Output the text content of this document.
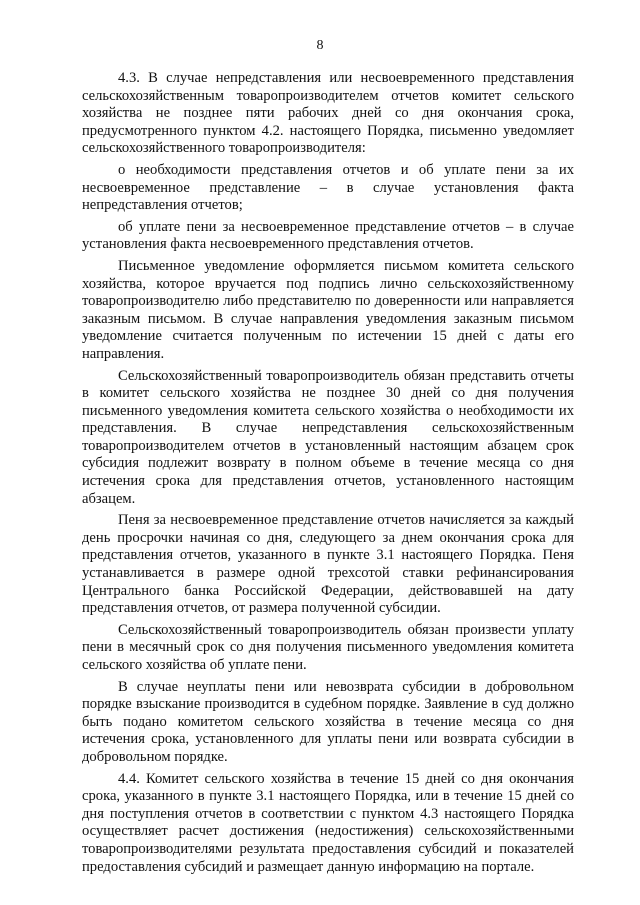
8

4.3. В случае непредставления или несвоевременного представления сельскохозяйственным товаропроизводителем отчетов комитет сельского хозяйства не позднее пяти рабочих дней со дня окончания срока, предусмотренного пунктом 4.2. настоящего Порядка, письменно уведомляет сельскохозяйственного товаропроизводителя:

о необходимости представления отчетов и об уплате пени за их несвоевременное представление – в случае установления факта непредставления отчетов;

об уплате пени за несвоевременное представление отчетов – в случае установления факта несвоевременного представления отчетов.

Письменное уведомление оформляется письмом комитета сельского хозяйства, которое вручается под подпись лично сельскохозяйственному товаропроизводителю либо представителю по доверенности или направляется заказным письмом. В случае направления уведомления заказным письмом уведомление считается полученным по истечении 15 дней с даты его направления.

Сельскохозяйственный товаропроизводитель обязан представить отчеты в комитет сельского хозяйства не позднее 30 дней со дня получения письменного уведомления комитета сельского хозяйства о необходимости их представления. В случае непредставления сельскохозяйственным товаропроизводителем отчетов в установленный настоящим абзацем срок субсидия подлежит возврату в полном объеме в течение месяца со дня истечения срока для представления отчетов, установленного настоящим абзацем.

Пеня за несвоевременное представление отчетов начисляется за каждый день просрочки начиная со дня, следующего за днем окончания срока для представления отчетов, указанного в пункте 3.1 настоящего Порядка. Пеня устанавливается в размере одной трехсотой ставки рефинансирования Центрального банка Российской Федерации, действовавшей на дату представления отчетов, от размера полученной субсидии.

Сельскохозяйственный товаропроизводитель обязан произвести уплату пени в месячный срок со дня получения письменного уведомления комитета сельского хозяйства об уплате пени.

В случае неуплаты пени или невозврата субсидии в добровольном порядке взыскание производится в судебном порядке. Заявление в суд должно быть подано комитетом сельского хозяйства в течение месяца со дня истечения срока, установленного для уплаты пени или возврата субсидии в добровольном порядке.

4.4. Комитет сельского хозяйства в течение 15 дней со дня окончания срока, указанного в пункте 3.1 настоящего Порядка, или в течение 15 дней со дня поступления отчетов в соответствии с пунктом 4.3 настоящего Порядка осуществляет расчет достижения (недостижения) сельскохозяйственными товаропроизводителями результата предоставления субсидий и показателей предоставления субсидий и размещает данную информацию на портале.
